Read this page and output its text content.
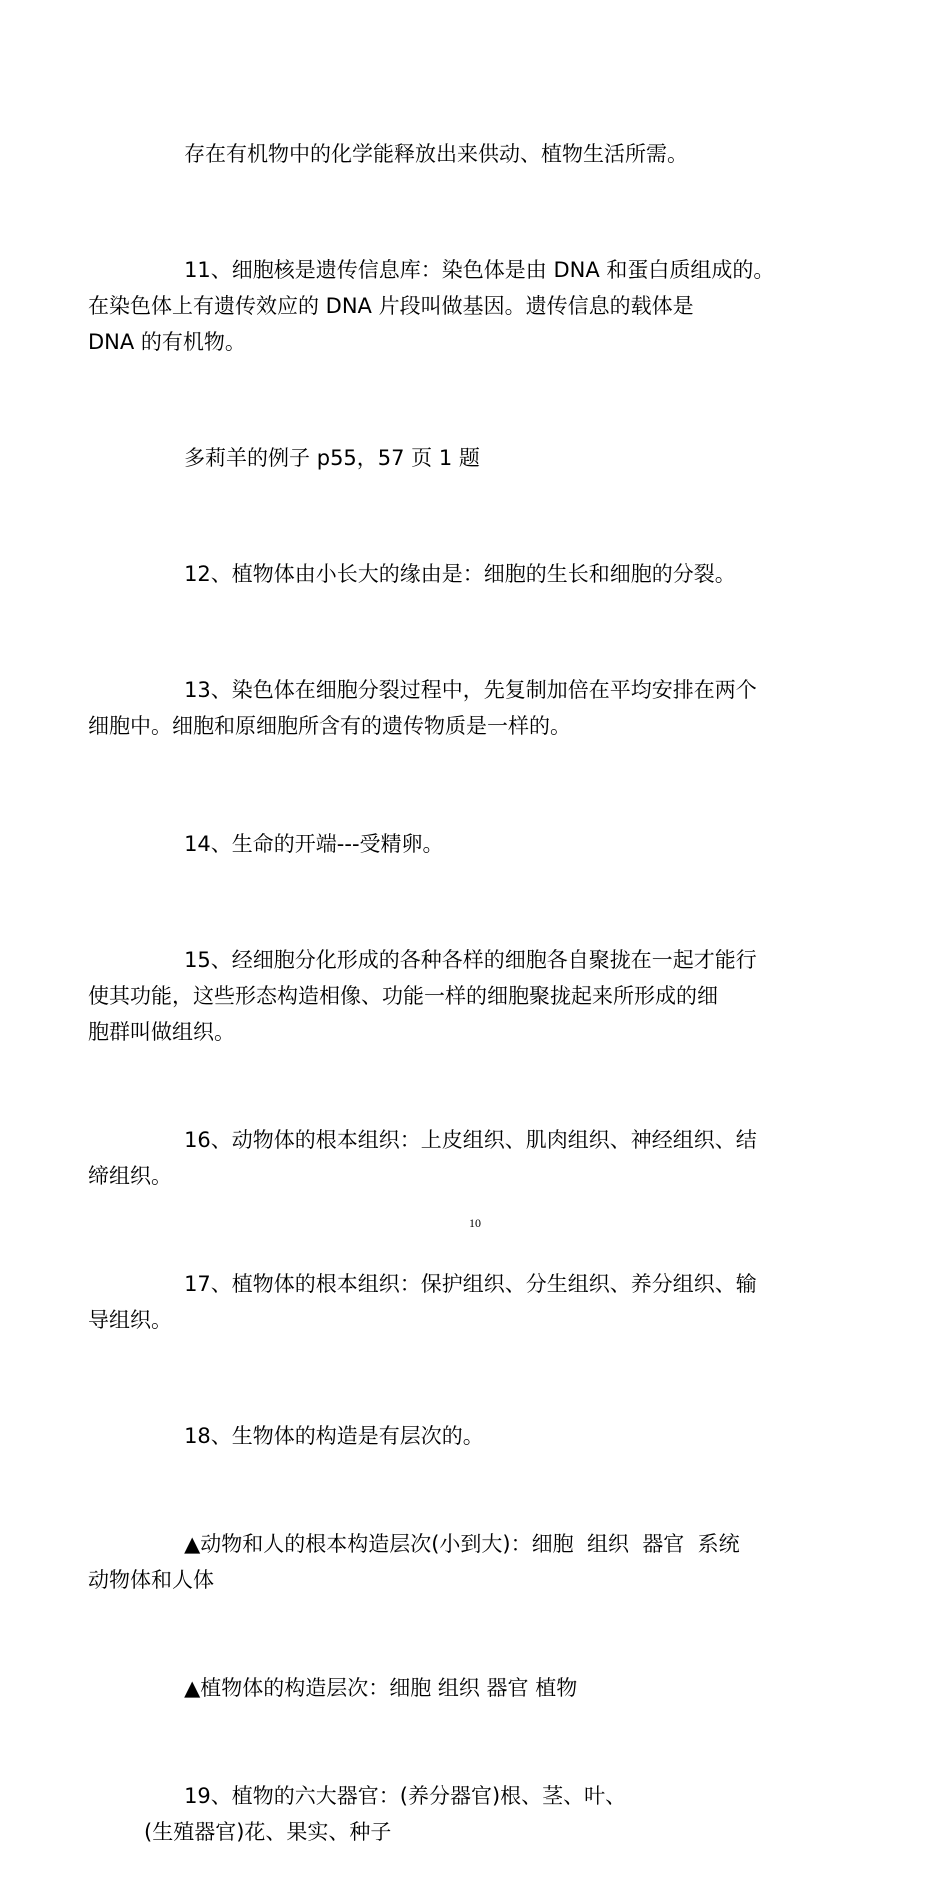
存在有机物中的化学能释放出来供动、植物生活所需。

11、细胞核是遗传信息库：染色体是由 DNA 和蛋白质组成的。
在染色体上有遗传效应的 DNA 片段叫做基因。遗传信息的载体是
DNA 的有机物。

多莉羊的例子 p55，57 页 1 题

12、植物体由小长大的缘由是：细胞的生长和细胞的分裂。

13、染色体在细胞分裂过程中，先复制加倍在平均安排在两个
细胞中。细胞和原细胞所含有的遗传物质是一样的。

14、生命的开端---受精卵。

15、经细胞分化形成的各种各样的细胞各自聚拢在一起才能行
使其功能，这些形态构造相像、功能一样的细胞聚拢起来所形成的细
胞群叫做组织。

16、动物体的根本组织：上皮组织、肌肉组织、神经组织、结
缔组织。

17、植物体的根本组织：保护组织、分生组织、养分组织、输
导组织。

18、生物体的构造是有层次的。

▲动物和人的根本构造层次(小到大)：细胞  组织  器官  系统
动物体和人体

▲植物体的构造层次：细胞 组织 器官 植物

19、植物的六大器官：(养分器官)根、茎、叶、
(生殖器官)花、果实、种子

10
